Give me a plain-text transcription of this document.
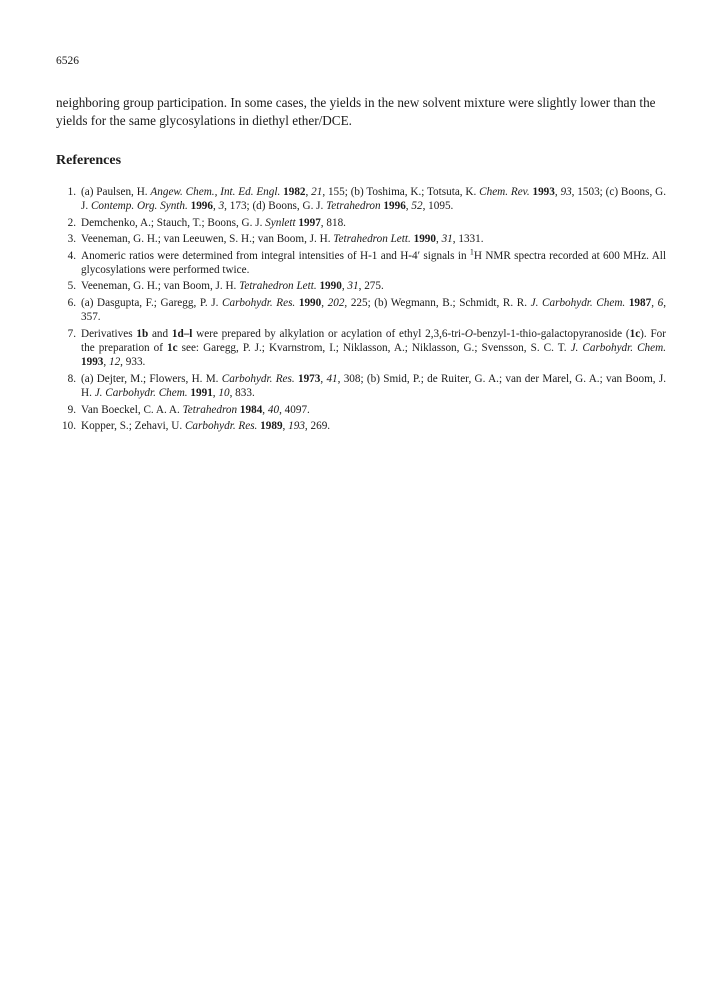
6526

neighboring group participation. In some cases, the yields in the new solvent mixture were slightly lower than the yields for the same glycosylations in diethyl ether/DCE.

References
1. (a) Paulsen, H. Angew. Chem., Int. Ed. Engl. 1982, 21, 155; (b) Toshima, K.; Totsuta, K. Chem. Rev. 1993, 93, 1503; (c) Boons, G. J. Contemp. Org. Synth. 1996, 3, 173; (d) Boons, G. J. Tetrahedron 1996, 52, 1095.
2. Demchenko, A.; Stauch, T.; Boons, G. J. Synlett 1997, 818.
3. Veeneman, G. H.; van Leeuwen, S. H.; van Boom, J. H. Tetrahedron Lett. 1990, 31, 1331.
4. Anomeric ratios were determined from integral intensities of H-1 and H-4′ signals in $^1$H NMR spectra recorded at 600 MHz. All glycosylations were performed twice.
5. Veeneman, G. H.; van Boom, J. H. Tetrahedron Lett. 1990, 31, 275.
6. (a) Dasgupta, F.; Garegg, P. J. Carbohydr. Res. 1990, 202, 225; (b) Wegmann, B.; Schmidt, R. R. J. Carbohydr. Chem. 1987, 6, 357.
7. Derivatives 1b and 1d–l were prepared by alkylation or acylation of ethyl 2,3,6-tri-O-benzyl-1-thio-galactopyranoside (1c). For the preparation of 1c see: Garegg, P. J.; Kvarnstrom, I.; Niklasson, A.; Niklasson, G.; Svensson, S. C. T. J. Carbohydr. Chem. 1993, 12, 933.
8. (a) Dejter, M.; Flowers, H. M. Carbohydr. Res. 1973, 41, 308; (b) Smid, P.; de Ruiter, G. A.; van der Marel, G. A.; van Boom, J. H. J. Carbohydr. Chem. 1991, 10, 833.
9. Van Boeckel, C. A. A. Tetrahedron 1984, 40, 4097.
10. Kopper, S.; Zehavi, U. Carbohydr. Res. 1989, 193, 269.
